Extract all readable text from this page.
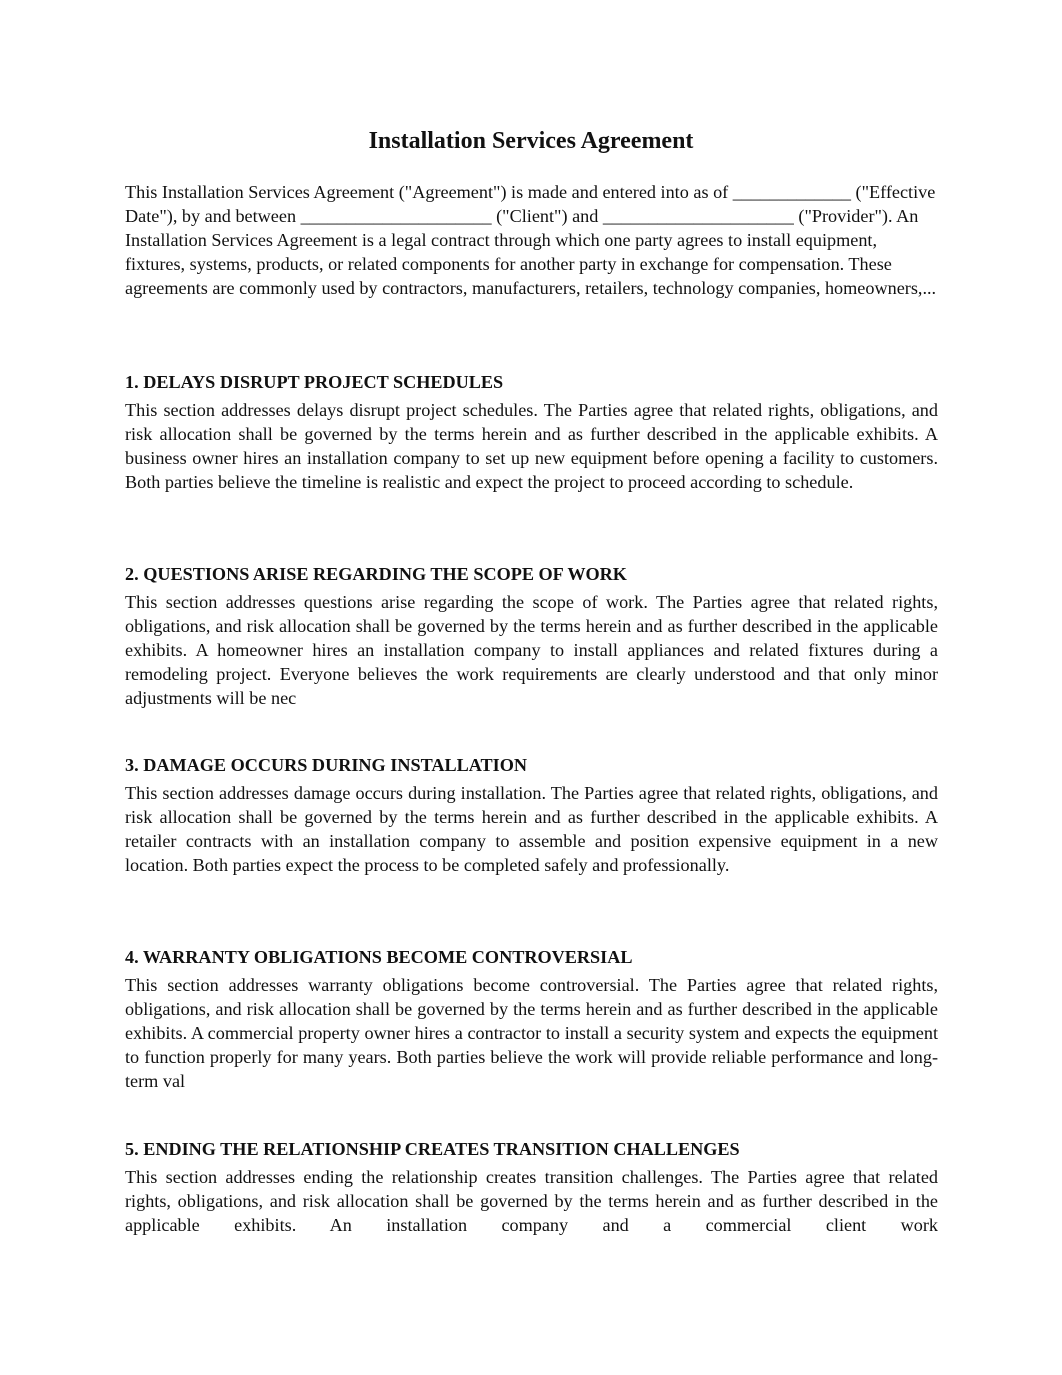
Installation Services Agreement

This Installation Services Agreement ("Agreement") is made and entered into as of _____________ ("Effective Date"), by and between _____________________ ("Client") and _____________________ ("Provider"). An Installation Services Agreement is a legal contract through which one party agrees to install equipment, fixtures, systems, products, or related components for another party in exchange for compensation. These agreements are commonly used by contractors, manufacturers, retailers, technology companies, homeowners,...

1. DELAYS DISRUPT PROJECT SCHEDULES
This section addresses delays disrupt project schedules. The Parties agree that related rights, obligations, and risk allocation shall be governed by the terms herein and as further described in the applicable exhibits. A business owner hires an installation company to set up new equipment before opening a facility to customers. Both parties believe the timeline is realistic and expect the project to proceed according to schedule.
2. QUESTIONS ARISE REGARDING THE SCOPE OF WORK
This section addresses questions arise regarding the scope of work. The Parties agree that related rights, obligations, and risk allocation shall be governed by the terms herein and as further described in the applicable exhibits. A homeowner hires an installation company to install appliances and related fixtures during a remodeling project. Everyone believes the work requirements are clearly understood and that only minor adjustments will be nec
3. DAMAGE OCCURS DURING INSTALLATION
This section addresses damage occurs during installation. The Parties agree that related rights, obligations, and risk allocation shall be governed by the terms herein and as further described in the applicable exhibits. A retailer contracts with an installation company to assemble and position expensive equipment in a new location. Both parties expect the process to be completed safely and professionally.
4. WARRANTY OBLIGATIONS BECOME CONTROVERSIAL
This section addresses warranty obligations become controversial. The Parties agree that related rights, obligations, and risk allocation shall be governed by the terms herein and as further described in the applicable exhibits. A commercial property owner hires a contractor to install a security system and expects the equipment to function properly for many years. Both parties believe the work will provide reliable performance and long-term val
5. ENDING THE RELATIONSHIP CREATES TRANSITION CHALLENGES
This section addresses ending the relationship creates transition challenges. The Parties agree that related rights, obligations, and risk allocation shall be governed by the terms herein and as further described in the applicable exhibits. An installation company and a commercial client work
